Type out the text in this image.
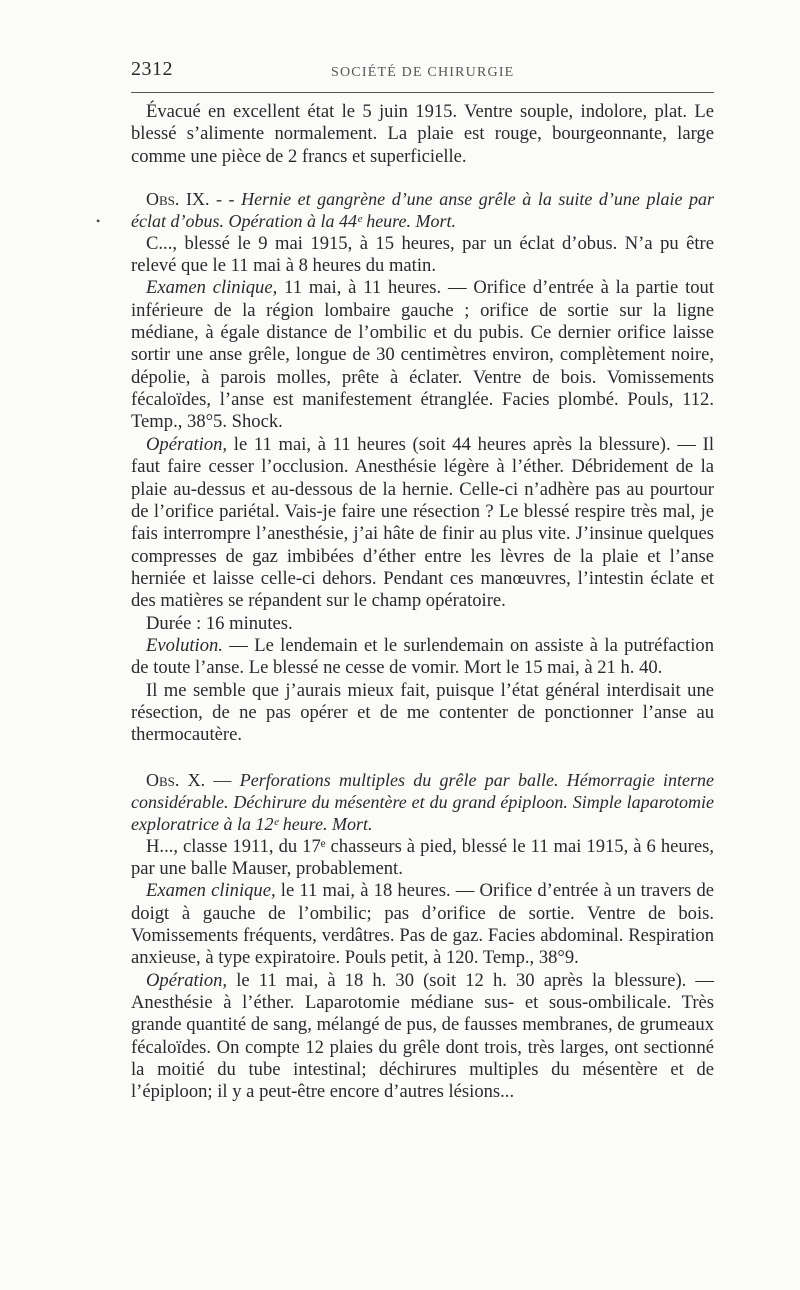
2312	SOCIÉTÉ DE CHIRURGIE

Évacué en excellent état le 5 juin 1915. Ventre souple, indolore, plat. Le blessé s’alimente normalement. La plaie est rouge, bourgeonnante, large comme une pièce de 2 francs et superficielle.

•

Obs. IX. - - Hernie et gangrène d’une anse grêle à la suite d’une plaie par éclat d’obus. Opération à la 44ᵉ heure. Mort.

C..., blessé le 9 mai 1915, à 15 heures, par un éclat d’obus. N’a pu être relevé que le 11 mai à 8 heures du matin.

Examen clinique, 11 mai, à 11 heures. — Orifice d’entrée à la partie tout inférieure de la région lombaire gauche ; orifice de sortie sur la ligne médiane, à égale distance de l’ombilic et du pubis. Ce dernier orifice laisse sortir une anse grêle, longue de 30 centimètres environ, complètement noire, dépolie, à parois molles, prête à éclater. Ventre de bois. Vomissements fécaloïdes, l’anse est manifestement étranglée. Facies plombé. Pouls, 112. Temp., 38°5. Shock.

Opération, le 11 mai, à 11 heures (soit 44 heures après la blessure). — Il faut faire cesser l’occlusion. Anesthésie légère à l’éther. Débridement de la plaie au-dessus et au-dessous de la hernie. Celle-ci n’adhère pas au pourtour de l’orifice pariétal. Vais-je faire une résection ? Le blessé respire très mal, je fais interrompre l’anesthésie, j’ai hâte de finir au plus vite. J’insinue quelques compresses de gaz imbibées d’éther entre les lèvres de la plaie et l’anse herniée et laisse celle-ci dehors. Pendant ces manœuvres, l’intestin éclate et des matières se répandent sur le champ opératoire.

Durée : 16 minutes.

Evolution. — Le lendemain et le surlendemain on assiste à la putréfaction de toute l’anse. Le blessé ne cesse de vomir. Mort le 15 mai, à 21 h. 40.

Il me semble que j’aurais mieux fait, puisque l’état général interdisait une résection, de ne pas opérer et de me contenter de ponctionner l’anse au thermocautère.

Obs. X. — Perforations multiples du grêle par balle. Hémorragie interne considérable. Déchirure du mésentère et du grand épiploon. Simple laparotomie exploratrice à la 12ᵉ heure. Mort.

H..., classe 1911, du 17ᵉ chasseurs à pied, blessé le 11 mai 1915, à 6 heures, par une balle Mauser, probablement.

Examen clinique, le 11 mai, à 18 heures. — Orifice d’entrée à un travers de doigt à gauche de l’ombilic; pas d’orifice de sortie. Ventre de bois. Vomissements fréquents, verdâtres. Pas de gaz. Facies abdominal. Respiration anxieuse, à type expiratoire. Pouls petit, à 120. Temp., 38°9.

Opération, le 11 mai, à 18 h. 30 (soit 12 h. 30 après la blessure). — Anesthésie à l’éther. Laparotomie médiane sus- et sous-ombilicale. Très grande quantité de sang, mélangé de pus, de fausses membranes, de grumeaux fécaloïdes. On compte 12 plaies du grêle dont trois, très larges, ont sectionné la moitié du tube intestinal; déchirures multiples du mésentère et de l’épiploon; il y a peut-être encore d’autres lésions...
